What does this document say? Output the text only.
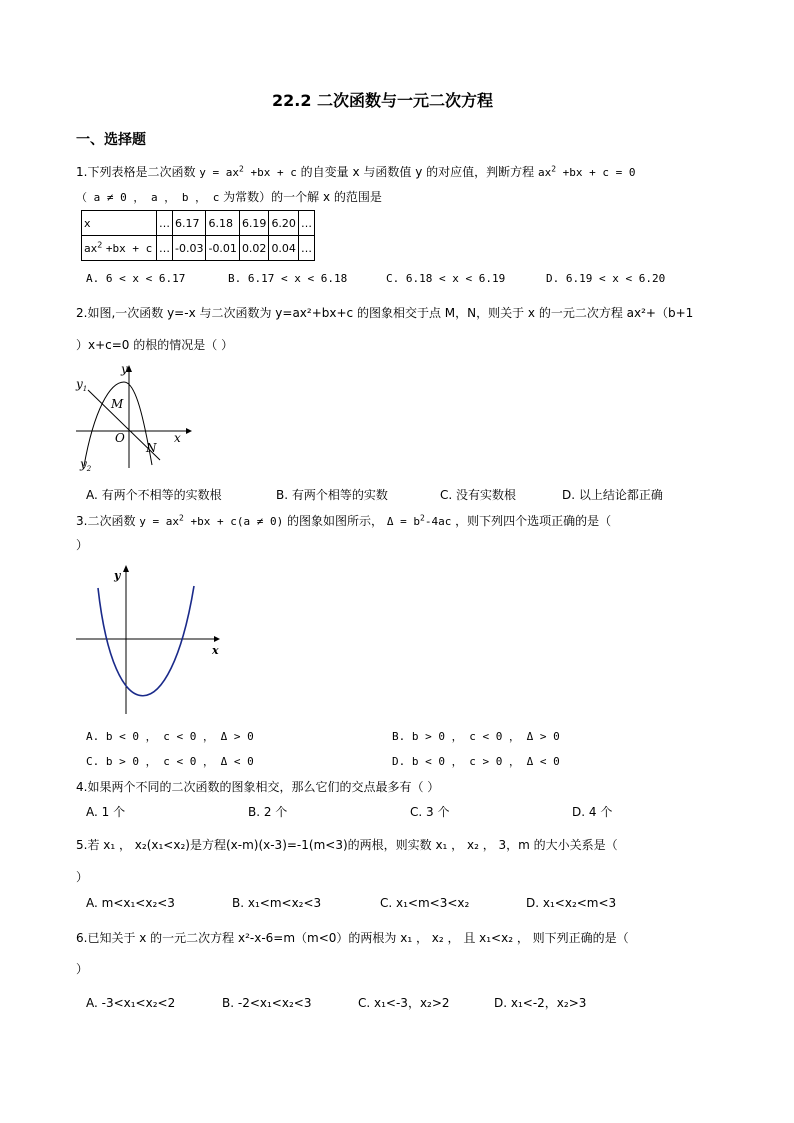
22.2 二次函数与一元二次方程
一、选择题
1.下列表格是二次函数 $y = ax^2 +bx + c$ 的自变量 x 与函数值 y 的对应值，判断方程 $ax^2 +bx + c = 0$
（ a ≠ 0 ， a ， b ， c 为常数）的一个解 x 的范围是
x	…	6.17	6.18	6.19	6.20	…
$ax^2 +bx + c$	…	-0.03	-0.01	0.02	0.04	…
A. 6 < x < 6.17	B. 6.17 < x < 6.18	C. 6.18 < x < 6.19	D. 6.19 < x < 6.20
2.如图,一次函数 y=-x 与二次函数为 y=ax²+bx+c 的图象相交于点 M，N，则关于 x 的一元二次方程 ax²+（b+1
）x+c=0 的根的情况是（ ）
y
x
O
M
N
$y_1$
$y_2$
A. 有两个不相等的实数根	B. 有两个相等的实数	C. 没有实数根	D. 以上结论都正确
3.二次函数 $y = ax^2 +bx + c(a \ne 0)$ 的图象如图所示， $\Delta = b^2-4ac$ ，则下列四个选项正确的是（
）
y
x
A. b < 0 ， c < 0 ， Δ > 0	B. b > 0 ， c < 0 ， Δ > 0
C. b > 0 ， c < 0 ， Δ < 0	D. b < 0 ， c > 0 ， Δ < 0
4.如果两个不同的二次函数的图象相交，那么它们的交点最多有（ ）
A. 1 个	B. 2 个	C. 3 个	D. 4 个
5.若 x₁ ， x₂(x₁<x₂)是方程(x-m)(x-3)=-1(m<3)的两根，则实数 x₁ ， x₂ ， 3，m 的大小关系是（
）
A. m<x₁<x₂<3	B. x₁<m<x₂<3	C. x₁<m<3<x₂	D. x₁<x₂<m<3
6.已知关于 x 的一元二次方程 x²-x-6=m（m<0）的两根为 x₁ ， x₂ ， 且 x₁<x₂ ， 则下列正确的是（
）
A. -3<x₁<x₂<2	B. -2<x₁<x₂<3	C. x₁<-3，x₂>2	D. x₁<-2，x₂>3
